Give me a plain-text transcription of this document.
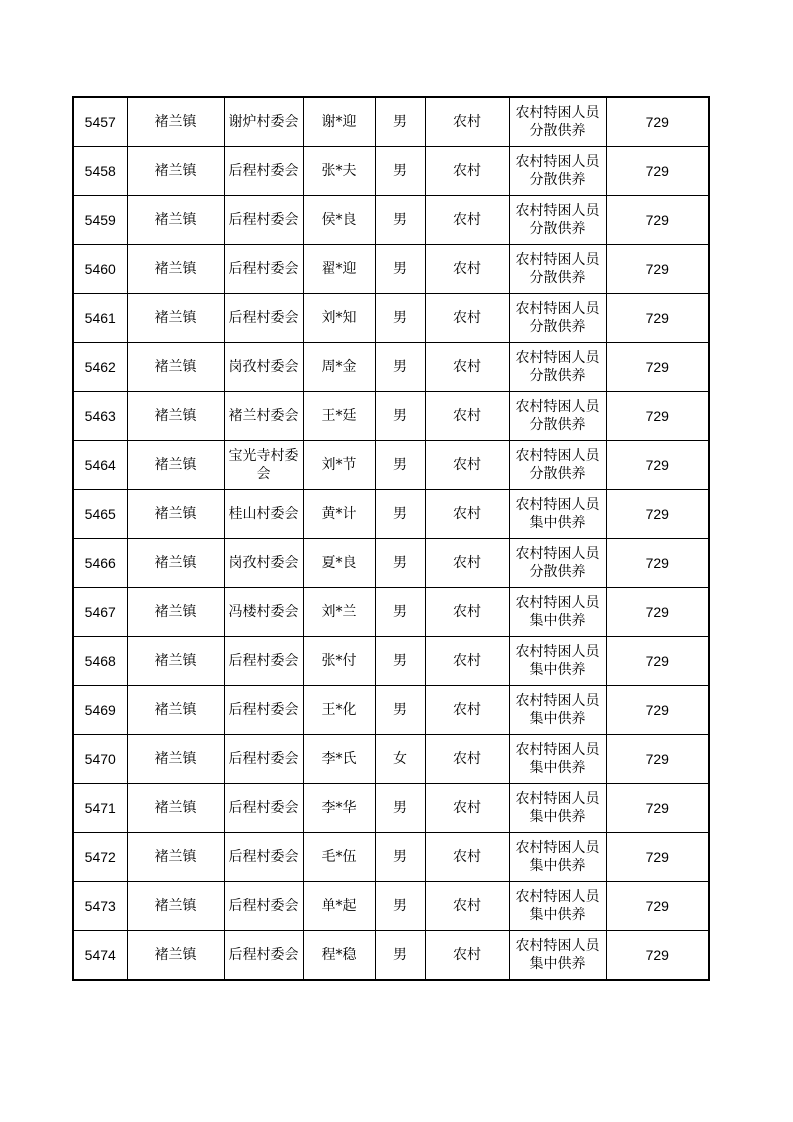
5457	褚兰镇	谢炉村委会	谢*迎	男	农村	农村特困人员分散供养	729
5458	褚兰镇	后程村委会	张*夫	男	农村	农村特困人员分散供养	729
5459	褚兰镇	后程村委会	侯*良	男	农村	农村特困人员分散供养	729
5460	褚兰镇	后程村委会	翟*迎	男	农村	农村特困人员分散供养	729
5461	褚兰镇	后程村委会	刘*知	男	农村	农村特困人员分散供养	729
5462	褚兰镇	岗孜村委会	周*金	男	农村	农村特困人员分散供养	729
5463	褚兰镇	褚兰村委会	王*廷	男	农村	农村特困人员分散供养	729
5464	褚兰镇	宝光寺村委会	刘*节	男	农村	农村特困人员分散供养	729
5465	褚兰镇	桂山村委会	黄*计	男	农村	农村特困人员集中供养	729
5466	褚兰镇	岗孜村委会	夏*良	男	农村	农村特困人员分散供养	729
5467	褚兰镇	冯楼村委会	刘*兰	男	农村	农村特困人员集中供养	729
5468	褚兰镇	后程村委会	张*付	男	农村	农村特困人员集中供养	729
5469	褚兰镇	后程村委会	王*化	男	农村	农村特困人员集中供养	729
5470	褚兰镇	后程村委会	李*氏	女	农村	农村特困人员集中供养	729
5471	褚兰镇	后程村委会	李*华	男	农村	农村特困人员集中供养	729
5472	褚兰镇	后程村委会	毛*伍	男	农村	农村特困人员集中供养	729
5473	褚兰镇	后程村委会	单*起	男	农村	农村特困人员集中供养	729
5474	褚兰镇	后程村委会	程*稳	男	农村	农村特困人员集中供养	729
